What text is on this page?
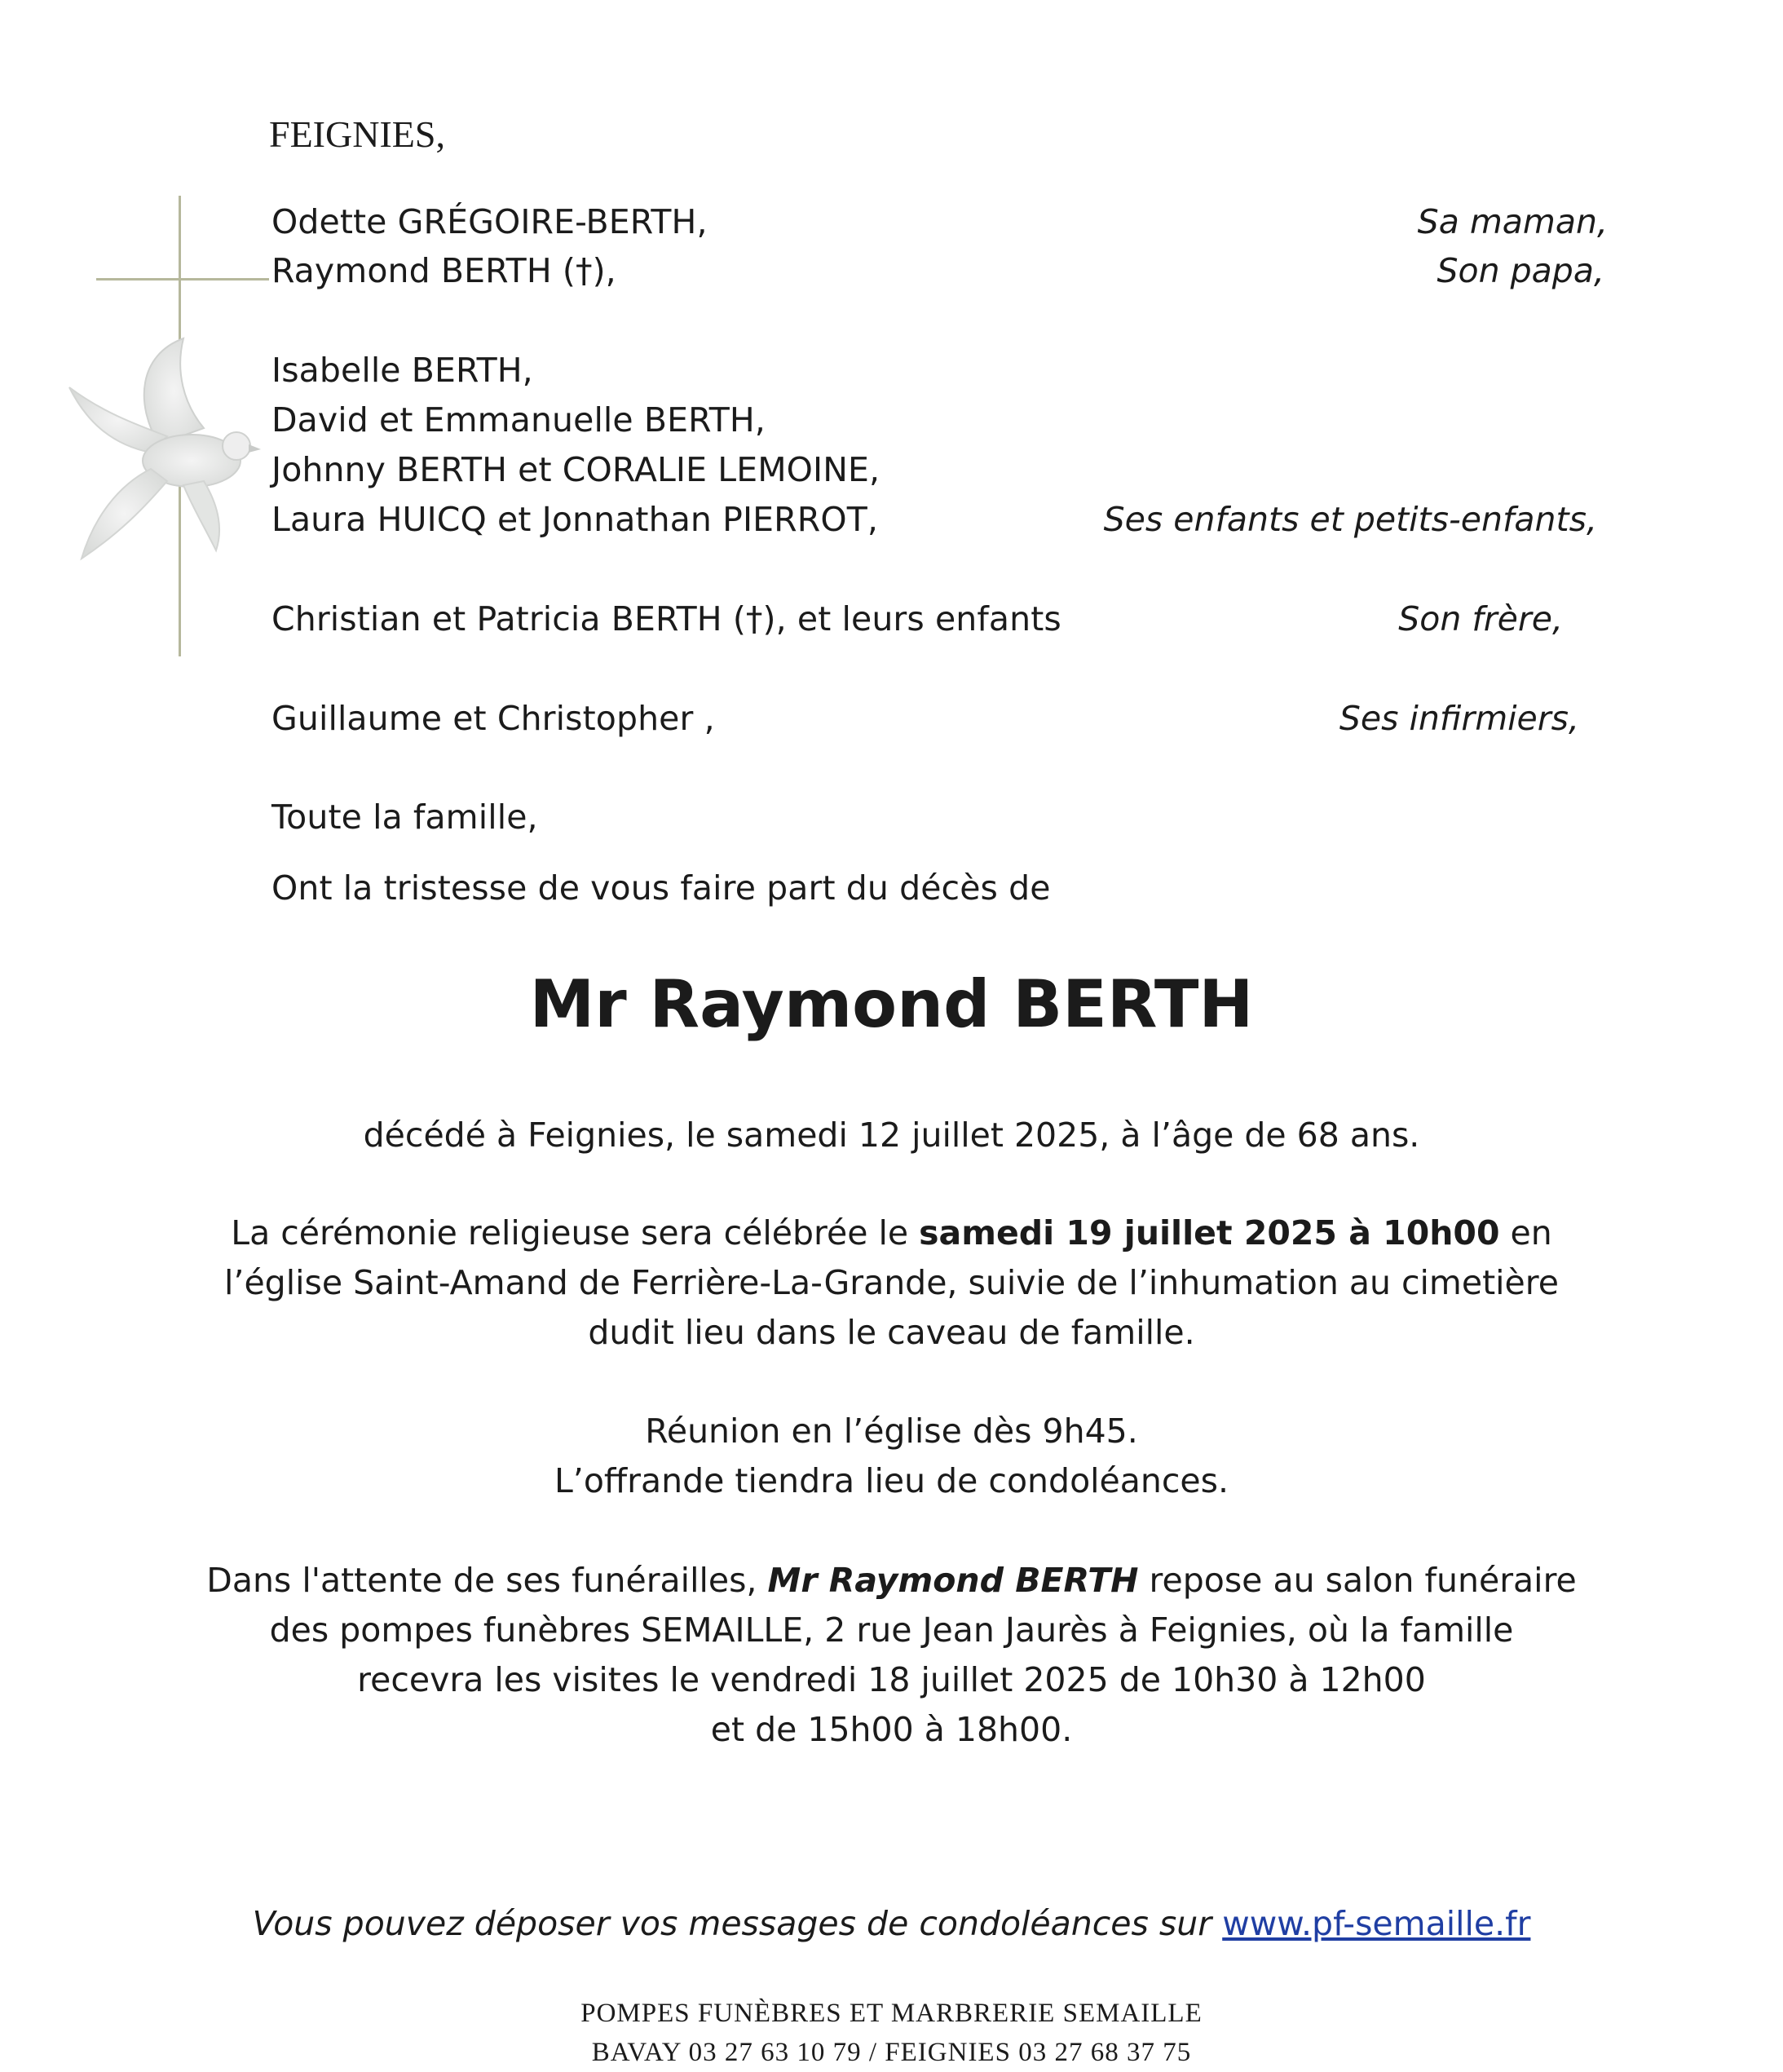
FEIGNIES,
Odette GRÉGOIRE-BERTH,
Raymond BERTH (†),
Isabelle BERTH,
David et Emmanuelle BERTH,
Johnny BERTH et CORALIE LEMOINE,
Laura HUICQ et Jonnathan PIERROT,
Christian et Patricia BERTH (†), et leurs enfants
Guillaume et Christopher ,
Toute la famille,
Sa maman,
Son papa,
Ses enfants et petits-enfants,
Son frère,
Ses infirmiers,
Ont la tristesse de vous faire part du décès de
Mr Raymond BERTH
décédé à Feignies, le samedi 12 juillet 2025, à l’âge de 68 ans.
La cérémonie religieuse sera célébrée le samedi 19 juillet 2025 à 10h00 en
l’église Saint-Amand de Ferrière-La-Grande, suivie de l’inhumation au cimetière
dudit lieu dans le caveau de famille.
Réunion en l’église dès 9h45.
L’offrande tiendra lieu de condoléances.
Dans l'attente de ses funérailles, Mr Raymond BERTH repose au salon funéraire
des pompes funèbres SEMAILLE, 2 rue Jean Jaurès à Feignies, où la famille
recevra les visites le vendredi 18 juillet 2025 de 10h30 à 12h00
et de 15h00 à 18h00.
Vous pouvez déposer vos messages de condoléances sur www.pf-semaille.fr
POMPES FUNÈBRES ET MARBRERIE SEMAILLE
BAVAY 03 27 63 10 79 / FEIGNIES 03 27 68 37 75
